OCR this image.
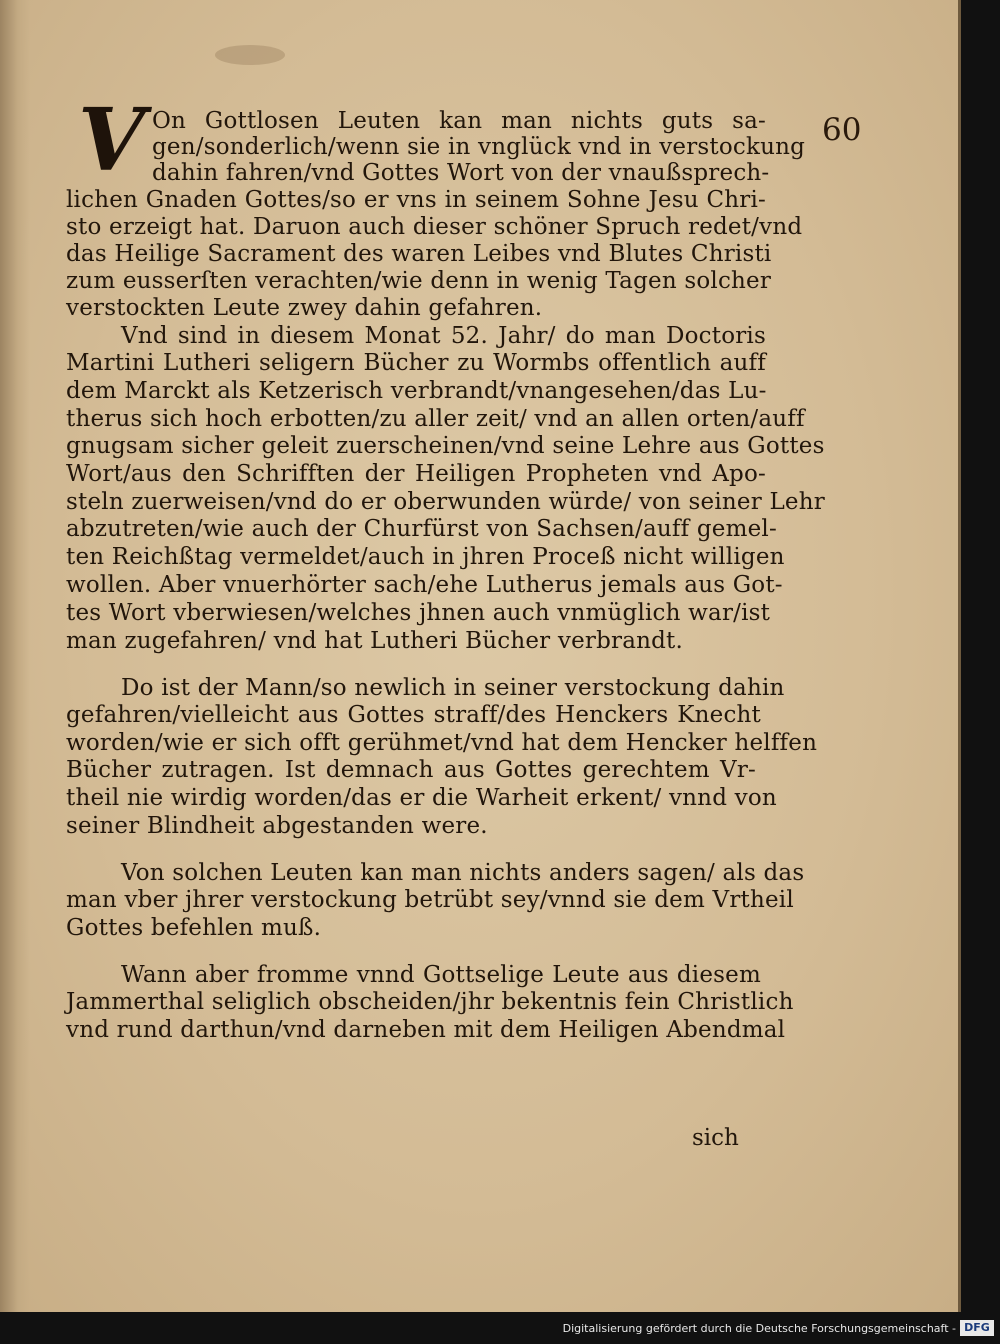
60
V On Gottlosen Leuten kan man nichts guts sa-
gen/sonderlich/wenn sie in vnglück vnd in verstockung
dahin fahren/vnd Gottes Wort von der vnaußsprech-
lichen Gnaden Gottes/so er vns in seinem Sohne Jesu Chri-
sto erzeigt hat. Daruon auch dieser schöner Spruch redet/vnd
das Heilige Sacrament des waren Leibes vnd Blutes Christi
zum eusserſten verachten/wie denn in wenig Tagen solcher
verstockten Leute zwey dahin gefahren.
Vnd sind in diesem Monat 52. Jahr/ do man Doctoris
Martini Lutheri seligern Bücher zu Wormbs offentlich auff
dem Marckt als Ketzerisch verbrandt/vnangesehen/das Lu-
therus sich hoch erbotten/zu aller zeit/ vnd an allen orten/auff
gnugsam sicher geleit zuerscheinen/vnd seine Lehre aus Gottes
Wort/aus den Schrifften der Heiligen Propheten vnd Apo-
steln zuerweisen/vnd do er oberwunden würde/ von seiner Lehr
abzutreten/wie auch der Churfürst von Sachsen/auff gemel-
ten Reichßtag vermeldet/auch in jhren Proceß nicht willigen
wollen. Aber vnuerhörter sach/ehe Lutherus jemals aus Got-
tes Wort vberwiesen/welches jhnen auch vnmüglich war/ist
man zugefahren/ vnd hat Lutheri Bücher verbrandt.
Do ist der Mann/so newlich in seiner verstockung dahin
gefahren/vielleicht aus Gottes straff/des Henckers Knecht
worden/wie er sich offt gerühmet/vnd hat dem Hencker helffen
Bücher zutragen. Ist demnach aus Gottes gerechtem Vr-
theil nie wirdig worden/das er die Warheit erkent/ vnnd von
seiner Blindheit abgestanden were.
Von solchen Leuten kan man nichts anders sagen/ als das
man vber jhrer verstockung betrübt sey/vnnd sie dem Vrtheil
Gottes befehlen muß.
Wann aber fromme vnnd Gottselige Leute aus diesem
Jammerthal seliglich obscheiden/jhr bekentnis fein Christlich
vnd rund darthun/vnd darneben mit dem Heiligen Abendmal
sich
Digitalisierung gefördert durch die Deutsche Forschungsgemeinschaft - DFG
